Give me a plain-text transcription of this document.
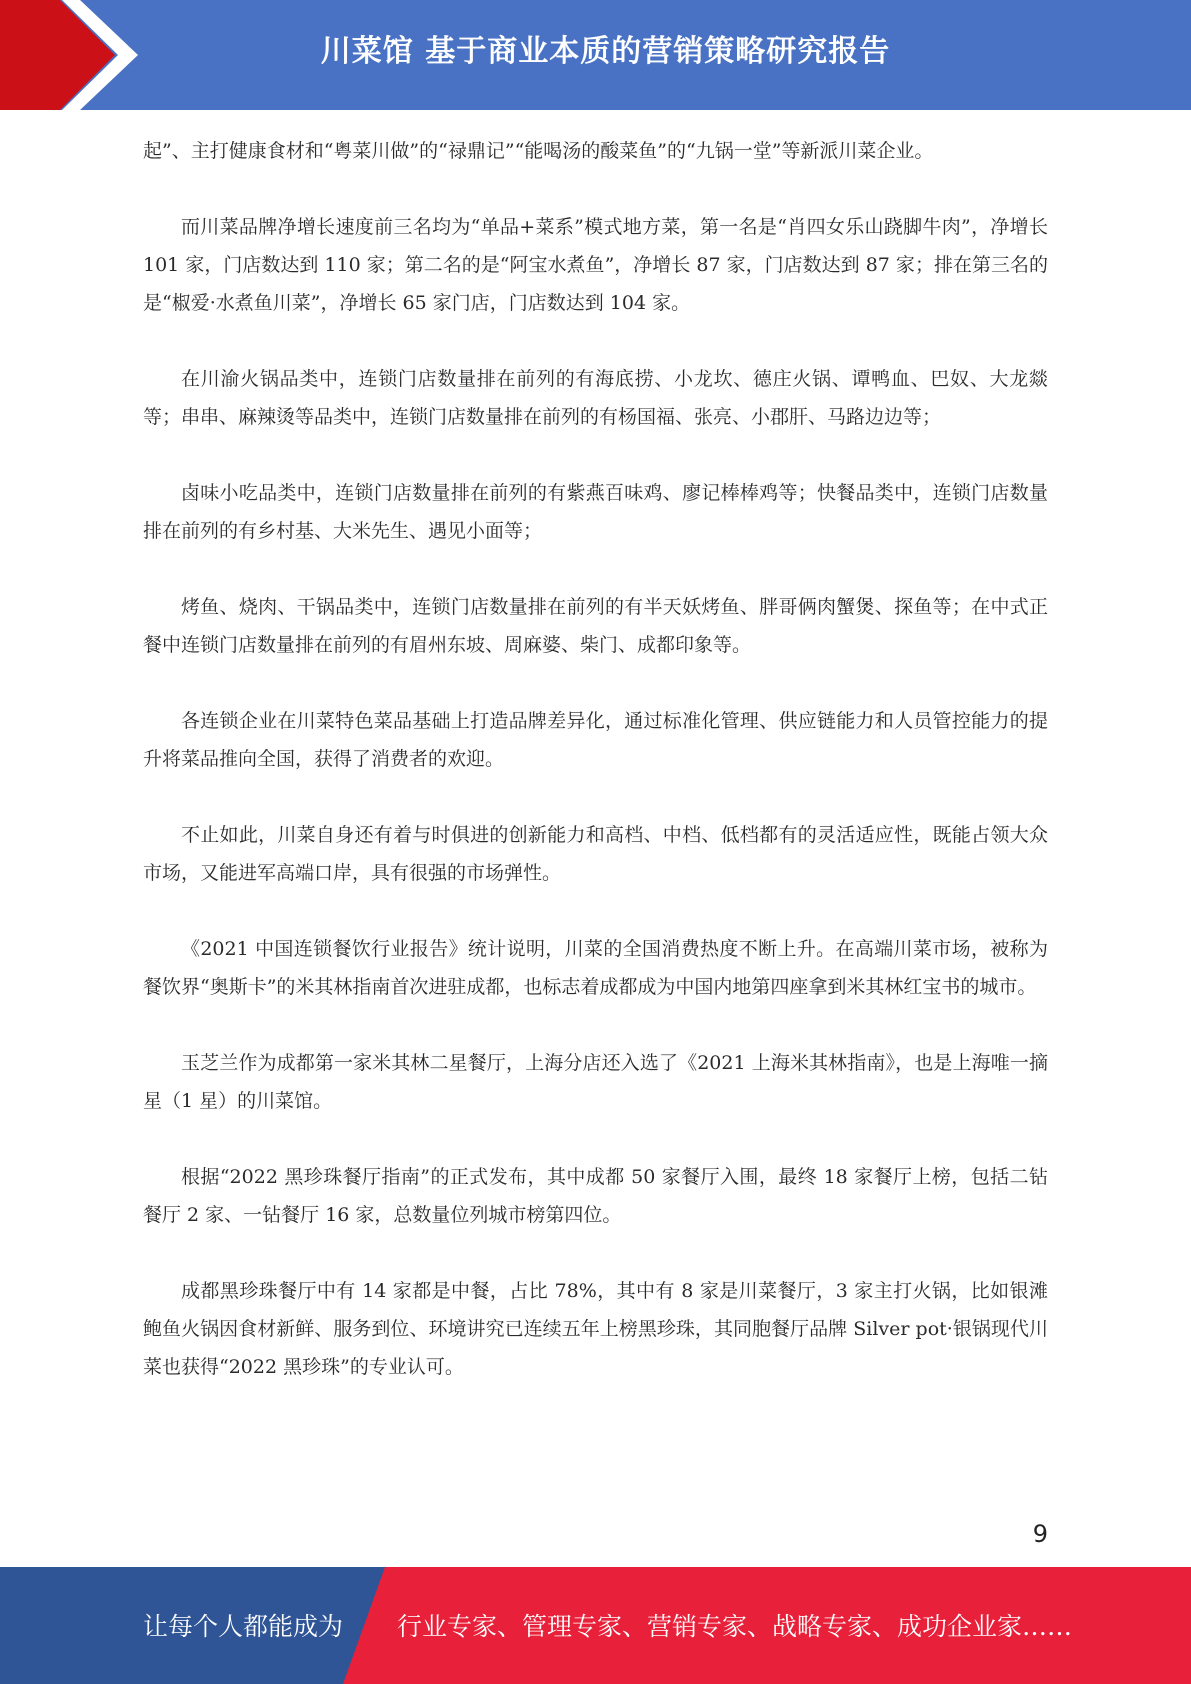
川菜馆 基于商业本质的营销策略研究报告

起”、主打健康食材和“粤菜川做”的“禄鼎记”“能喝汤的酸菜鱼”的“九锅一堂”等新派川菜企业。

而川菜品牌净增长速度前三名均为“单品+菜系”模式地方菜，第一名是“肖四女乐山跷脚牛肉”，净增长 101 家，门店数达到 110 家；第二名的是“阿宝水煮鱼”，净增长 87 家，门店数达到 87 家；排在第三名的是“椒爱·水煮鱼川菜”，净增长 65 家门店，门店数达到 104 家。

在川渝火锅品类中，连锁门店数量排在前列的有海底捞、小龙坎、德庄火锅、谭鸭血、巴奴、大龙燚等；串串、麻辣烫等品类中，连锁门店数量排在前列的有杨国福、张亮、小郡肝、马路边边等；

卤味小吃品类中，连锁门店数量排在前列的有紫燕百味鸡、廖记棒棒鸡等；快餐品类中，连锁门店数量排在前列的有乡村基、大米先生、遇见小面等；

烤鱼、烧肉、干锅品类中，连锁门店数量排在前列的有半天妖烤鱼、胖哥俩肉蟹煲、探鱼等；在中式正餐中连锁门店数量排在前列的有眉州东坡、周麻婆、柴门、成都印象等。

各连锁企业在川菜特色菜品基础上打造品牌差异化，通过标准化管理、供应链能力和人员管控能力的提升将菜品推向全国，获得了消费者的欢迎。

不止如此，川菜自身还有着与时俱进的创新能力和高档、中档、低档都有的灵活适应性，既能占领大众市场，又能进军高端口岸，具有很强的市场弹性。

《2021 中国连锁餐饮行业报告》统计说明，川菜的全国消费热度不断上升。在高端川菜市场，被称为餐饮界“奥斯卡”的米其林指南首次进驻成都，也标志着成都成为中国内地第四座拿到米其林红宝书的城市。

玉芝兰作为成都第一家米其林二星餐厅，上海分店还入选了《2021 上海米其林指南》，也是上海唯一摘星（1 星）的川菜馆。

根据“2022 黑珍珠餐厅指南”的正式发布，其中成都 50 家餐厅入围，最终 18 家餐厅上榜，包括二钻餐厅 2 家、一钻餐厅 16 家，总数量位列城市榜第四位。

成都黑珍珠餐厅中有 14 家都是中餐，占比 78%，其中有 8 家是川菜餐厅，3 家主打火锅，比如银滩鲍鱼火锅因食材新鲜、服务到位、环境讲究已连续五年上榜黑珍珠，其同胞餐厅品牌 Silver pot·银锅现代川菜也获得“2022 黑珍珠”的专业认可。

9
让每个人都能成为 行业专家、管理专家、营销专家、战略专家、成功企业家……
